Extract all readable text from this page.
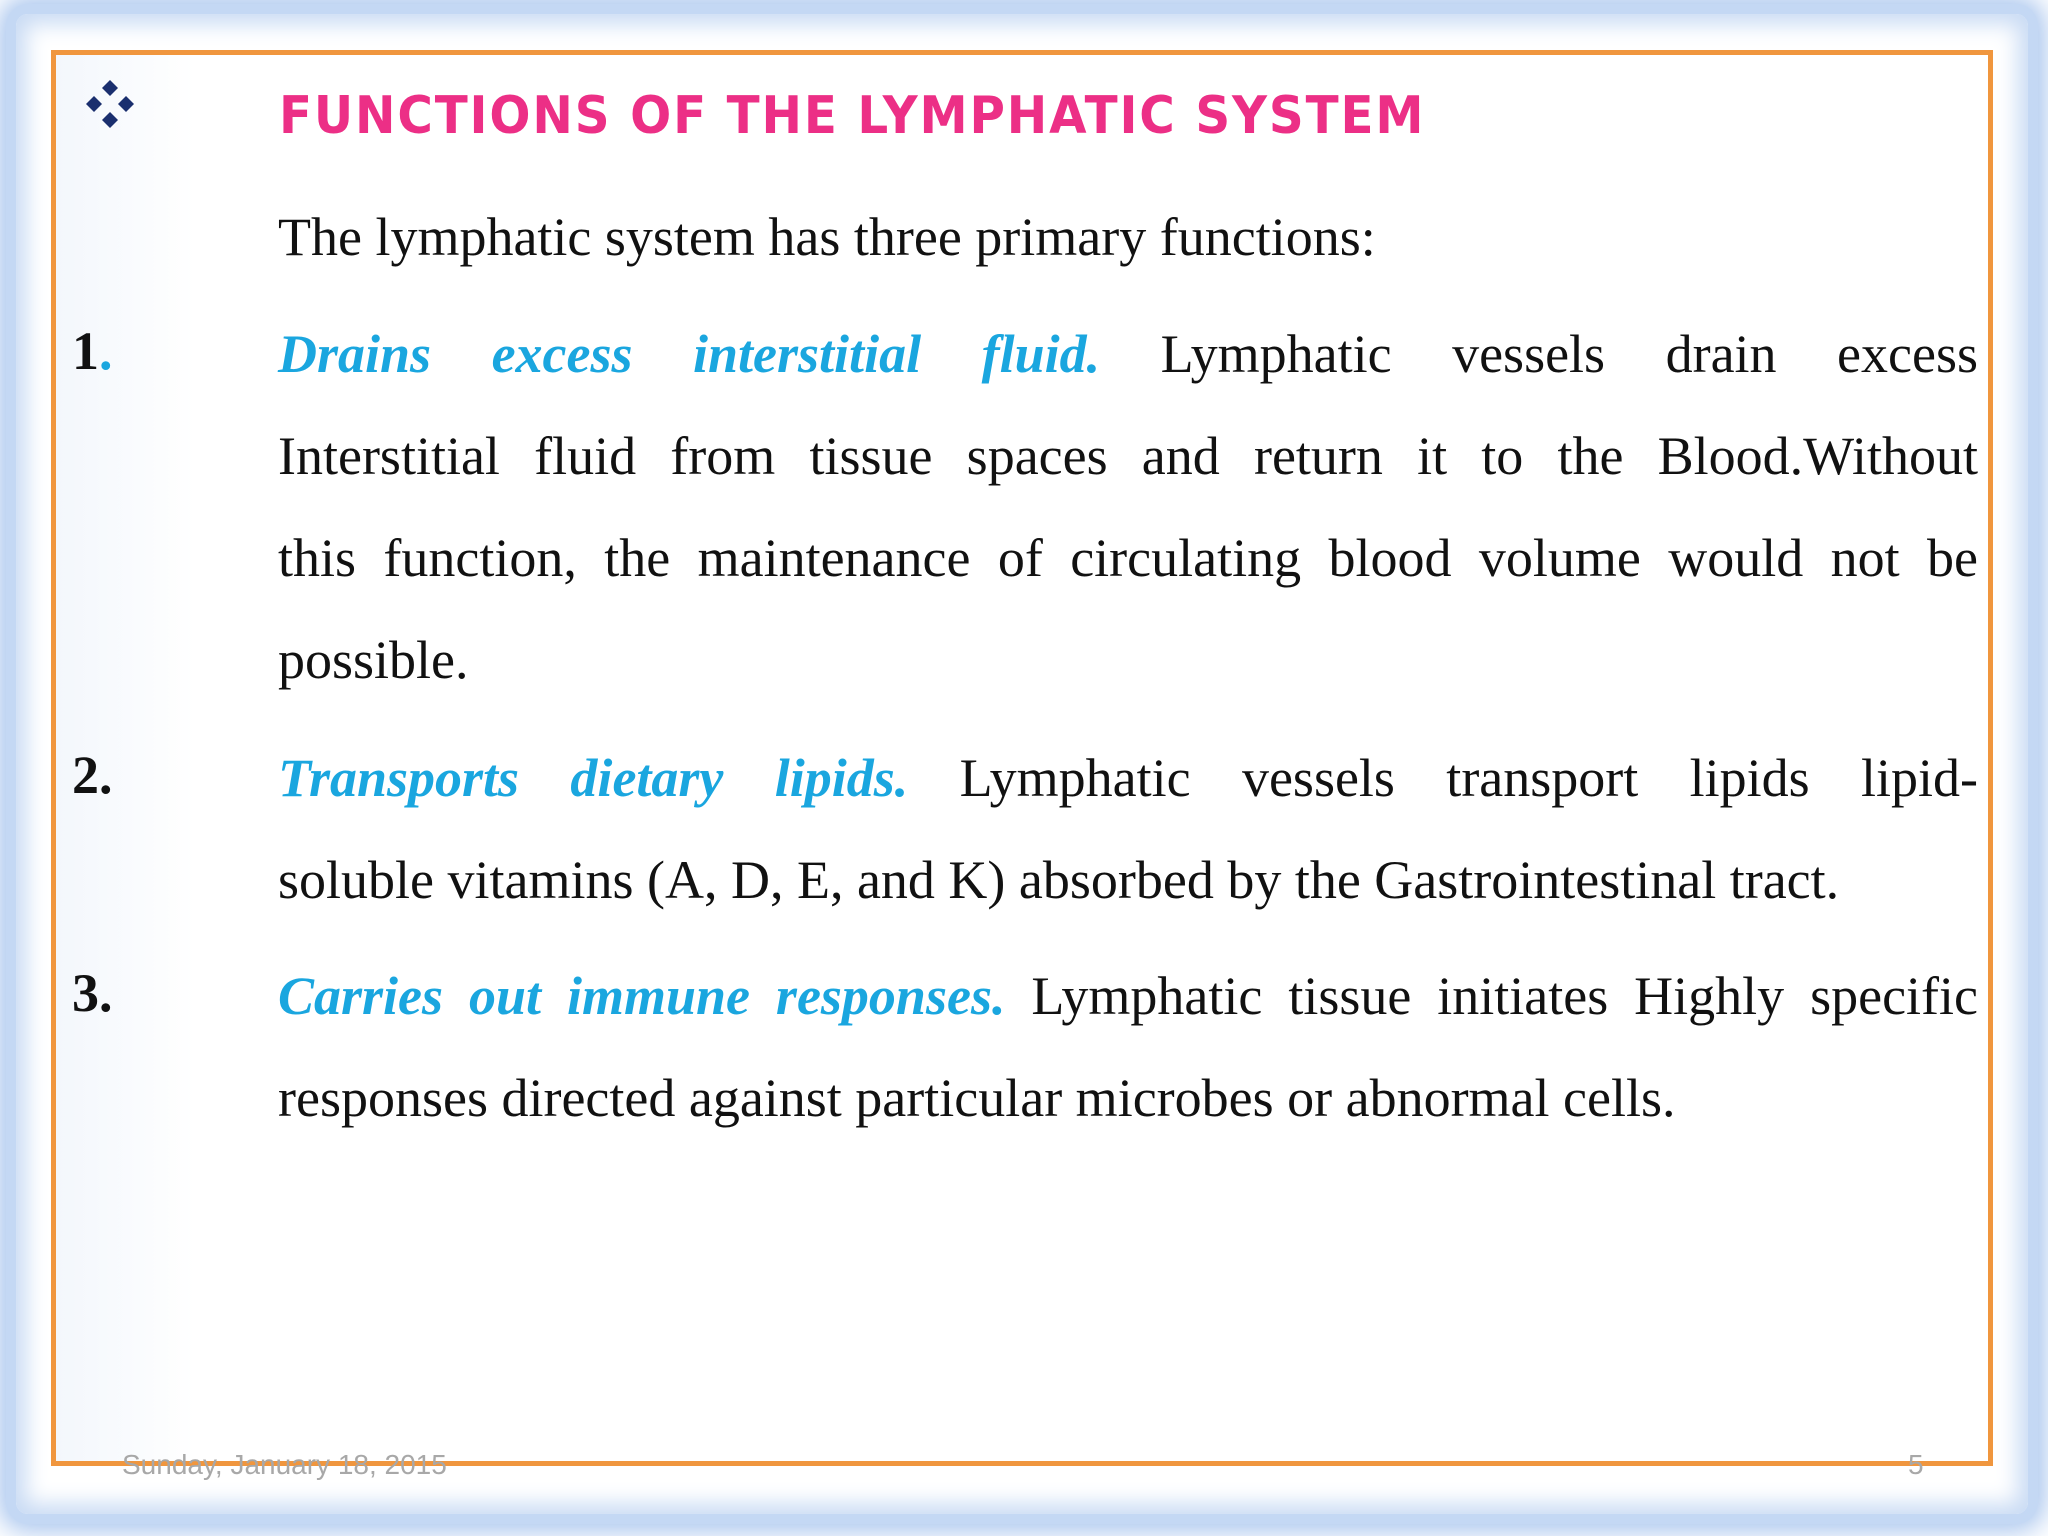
FUNCTIONS OF THE LYMPHATIC SYSTEM
The lymphatic system has three primary functions:
1.	Drains excess interstitial fluid. Lymphatic vessels drain excess
Interstitial fluid from tissue spaces and return it to the Blood.Without
this function, the maintenance of circulating blood volume would not be
possible.
2.	Transports dietary lipids. Lymphatic vessels transport lipids lipid-
soluble vitamins (A, D, E, and K) absorbed by the Gastrointestinal tract.
3.	Carries out immune responses. Lymphatic tissue initiates Highly specific
responses directed against particular microbes or abnormal cells.
Sunday, January 18, 2015	5
